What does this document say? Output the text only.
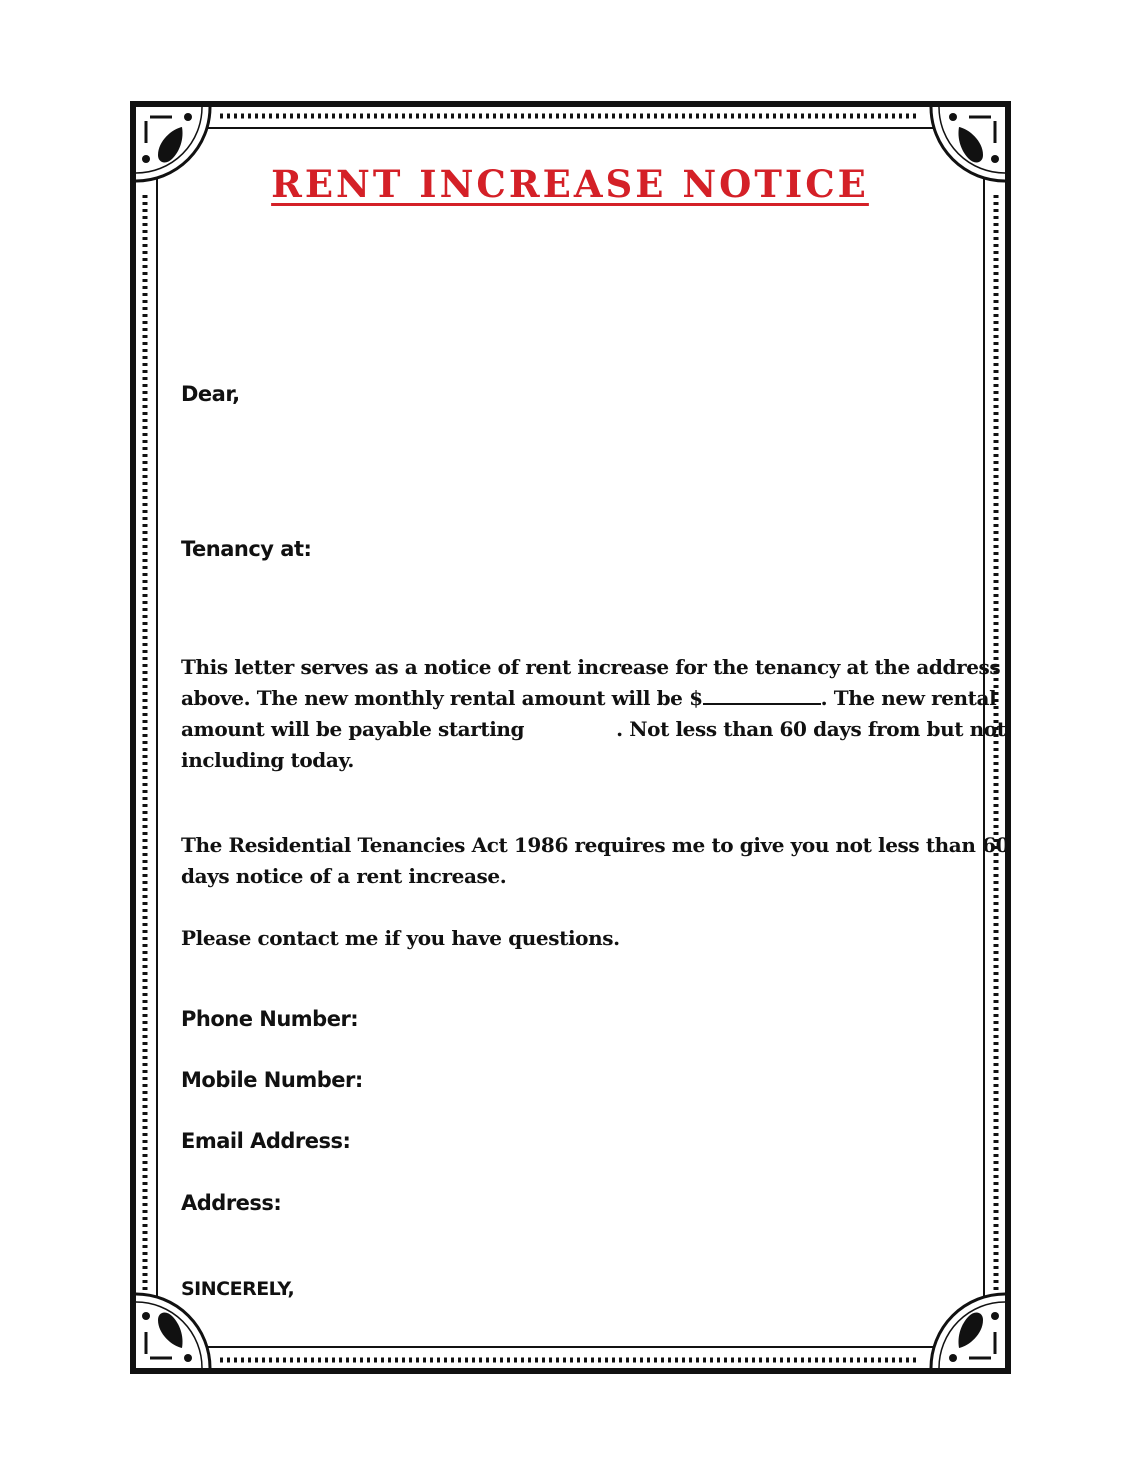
RENT INCREASE NOTICE

Dear,

Tenancy at:

This letter serves as a notice of rent increase for the tenancy at the address
above. The new monthly rental amount will be $	. The new rental
amount will be payable starting	. Not less than 60 days from but not
including today.
The Residential Tenancies Act 1986 requires me to give you not less than 60
days notice of a rent increase.
Please contact me if you have questions.

Phone Number:

Mobile Number:

Email Address:

Address:

SINCERELY,
